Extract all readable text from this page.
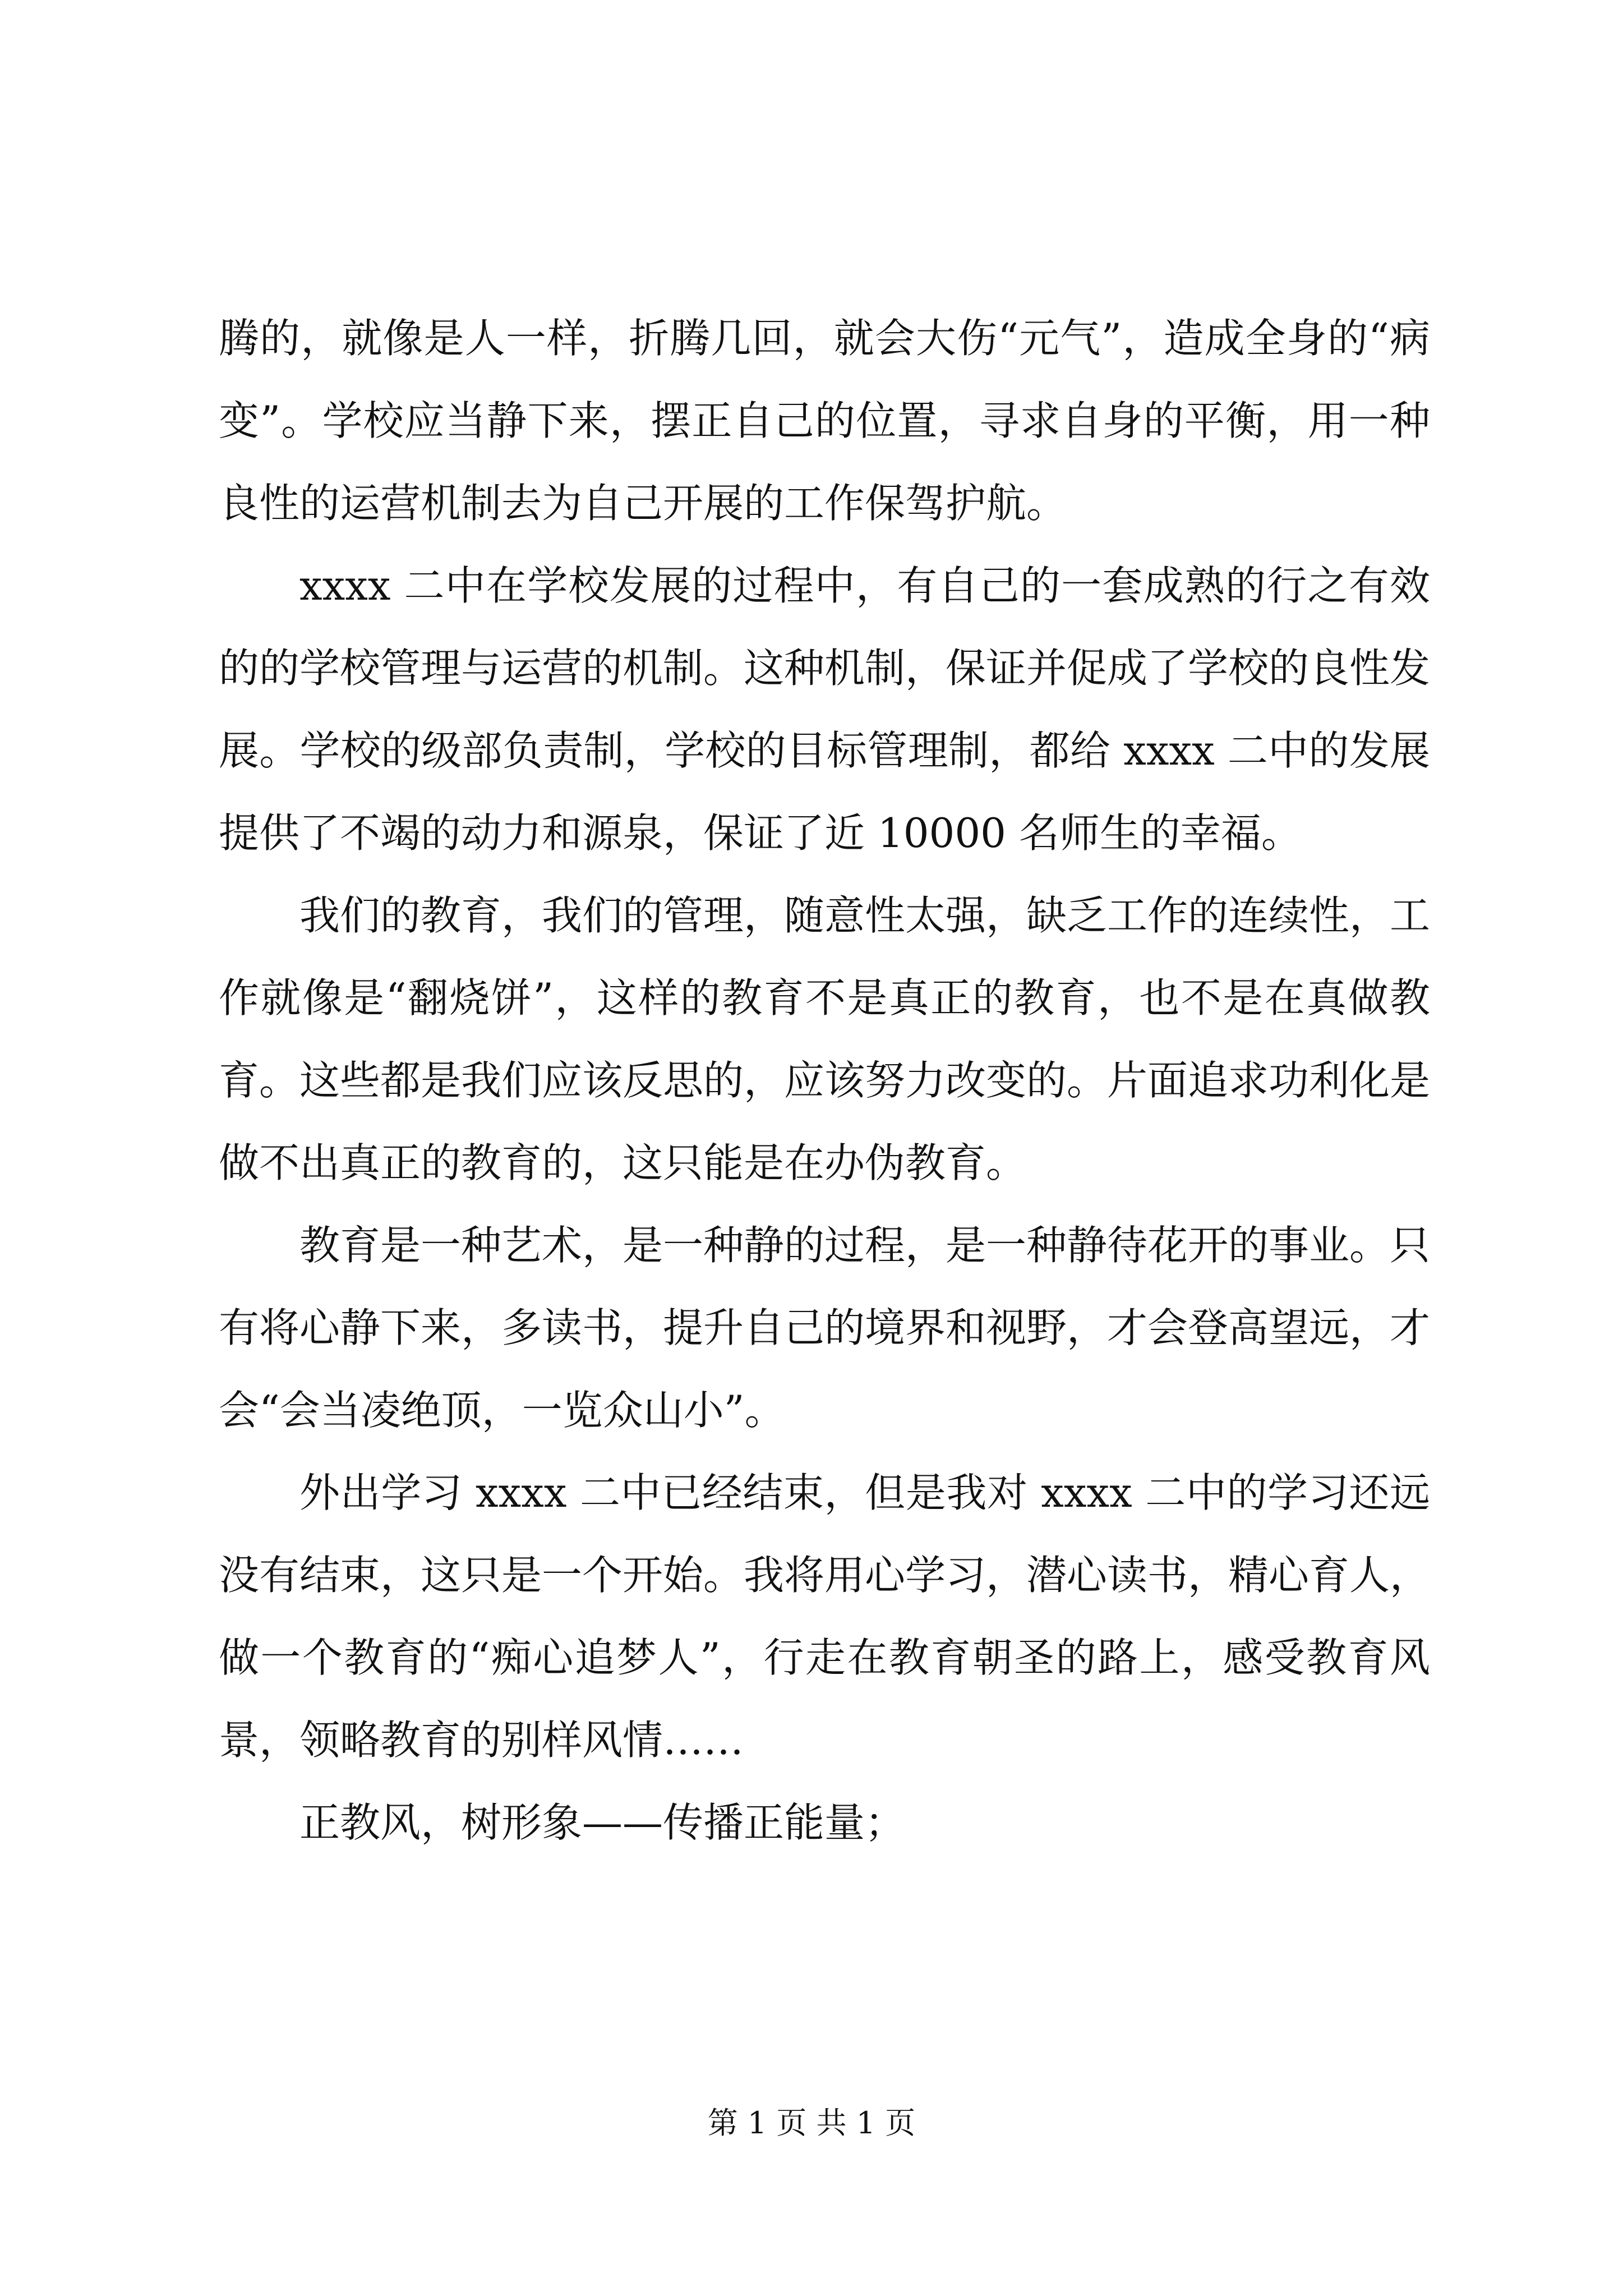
腾的，就像是人一样，折腾几回，就会大伤“元气”，造成全身的“病变”。学校应当静下来，摆正自己的位置，寻求自身的平衡，用一种良性的运营机制去为自己开展的工作保驾护航。

xxxx 二中在学校发展的过程中，有自己的一套成熟的行之有效的的学校管理与运营的机制。这种机制，保证并促成了学校的良性发展。学校的级部负责制，学校的目标管理制，都给 xxxx 二中的发展提供了不竭的动力和源泉，保证了近 10000 名师生的幸福。

我们的教育，我们的管理，随意性太强，缺乏工作的连续性，工作就像是“翻烧饼”，这样的教育不是真正的教育，也不是在真做教育。这些都是我们应该反思的，应该努力改变的。片面追求功利化是做不出真正的教育的，这只能是在办伪教育。

教育是一种艺术，是一种静的过程，是一种静待花开的事业。只有将心静下来，多读书，提升自己的境界和视野，才会登高望远，才会“会当凌绝顶，一览众山小”。

外出学习 xxxx 二中已经结束，但是我对 xxxx 二中的学习还远没有结束，这只是一个开始。我将用心学习，潜心读书，精心育人，做一个教育的“痴心追梦人”，行走在教育朝圣的路上，感受教育风景，领略教育的别样风情……

正教风，树形象——传播正能量；

第 1 页 共 1 页
